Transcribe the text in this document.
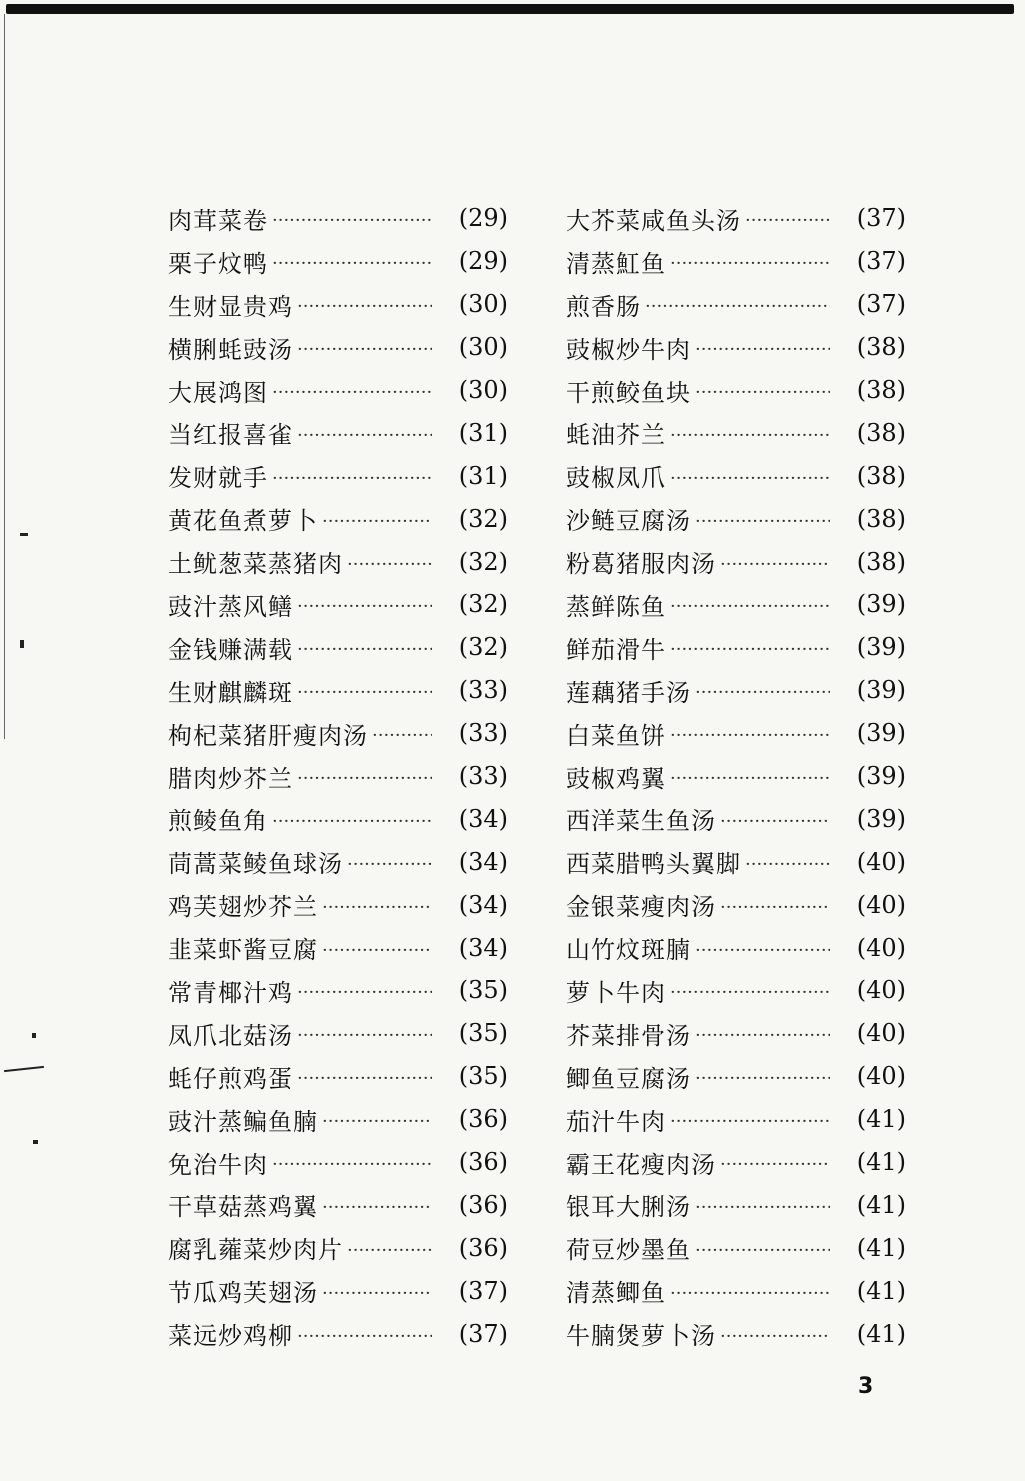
肉茸菜卷 ·····	(29)
栗子炆鸭 ·····	(29)
生财显贵鸡 ·····	(30)
横脷蚝豉汤 ·····	(30)
大展鸿图 ·····	(30)
当红报喜雀 ·····	(31)
发财就手 ·····	(31)
黄花鱼煮萝卜 ·····	(32)
土鱿葱菜蒸猪肉 ·····	(32)
豉汁蒸风鳝 ·····	(32)
金钱赚满载 ·····	(32)
生财麒麟斑 ·····	(33)
枸杞菜猪肝瘦肉汤 ·····	(33)
腊肉炒芥兰 ·····	(33)
煎鲮鱼角 ·····	(34)
茼蒿菜鲮鱼球汤 ·····	(34)
鸡芙翅炒芥兰 ·····	(34)
韭菜虾酱豆腐 ·····	(34)
常青椰汁鸡 ·····	(35)
凤爪北菇汤 ·····	(35)
蚝仔煎鸡蛋 ·····	(35)
豉汁蒸鳊鱼腩 ·····	(36)
免治牛肉 ·····	(36)
干草菇蒸鸡翼 ·····	(36)
腐乳蕹菜炒肉片 ·····	(36)
节瓜鸡芙翅汤 ·····	(37)
菜远炒鸡柳 ·····	(37)
大芥菜咸鱼头汤 ·····	(37)
清蒸魟鱼 ·····	(37)
煎香肠 ·····	(37)
豉椒炒牛肉 ·····	(38)
干煎鲛鱼块 ·····	(38)
蚝油芥兰 ·····	(38)
豉椒凤爪 ·····	(38)
沙鲢豆腐汤 ·····	(38)
粉葛猪服肉汤 ·····	(38)
蒸鲜陈鱼 ·····	(39)
鲜茄滑牛 ·····	(39)
莲藕猪手汤 ·····	(39)
白菜鱼饼 ·····	(39)
豉椒鸡翼 ·····	(39)
西洋菜生鱼汤 ·····	(39)
西菜腊鸭头翼脚 ·····	(40)
金银菜瘦肉汤 ·····	(40)
山竹炆斑腩 ·····	(40)
萝卜牛肉 ·····	(40)
芥菜排骨汤 ·····	(40)
鲫鱼豆腐汤 ·····	(40)
茄汁牛肉 ·····	(41)
霸王花瘦肉汤 ·····	(41)
银耳大脷汤 ·····	(41)
荷豆炒墨鱼 ·····	(41)
清蒸鲫鱼 ·····	(41)
牛腩煲萝卜汤 ·····	(41)
3
